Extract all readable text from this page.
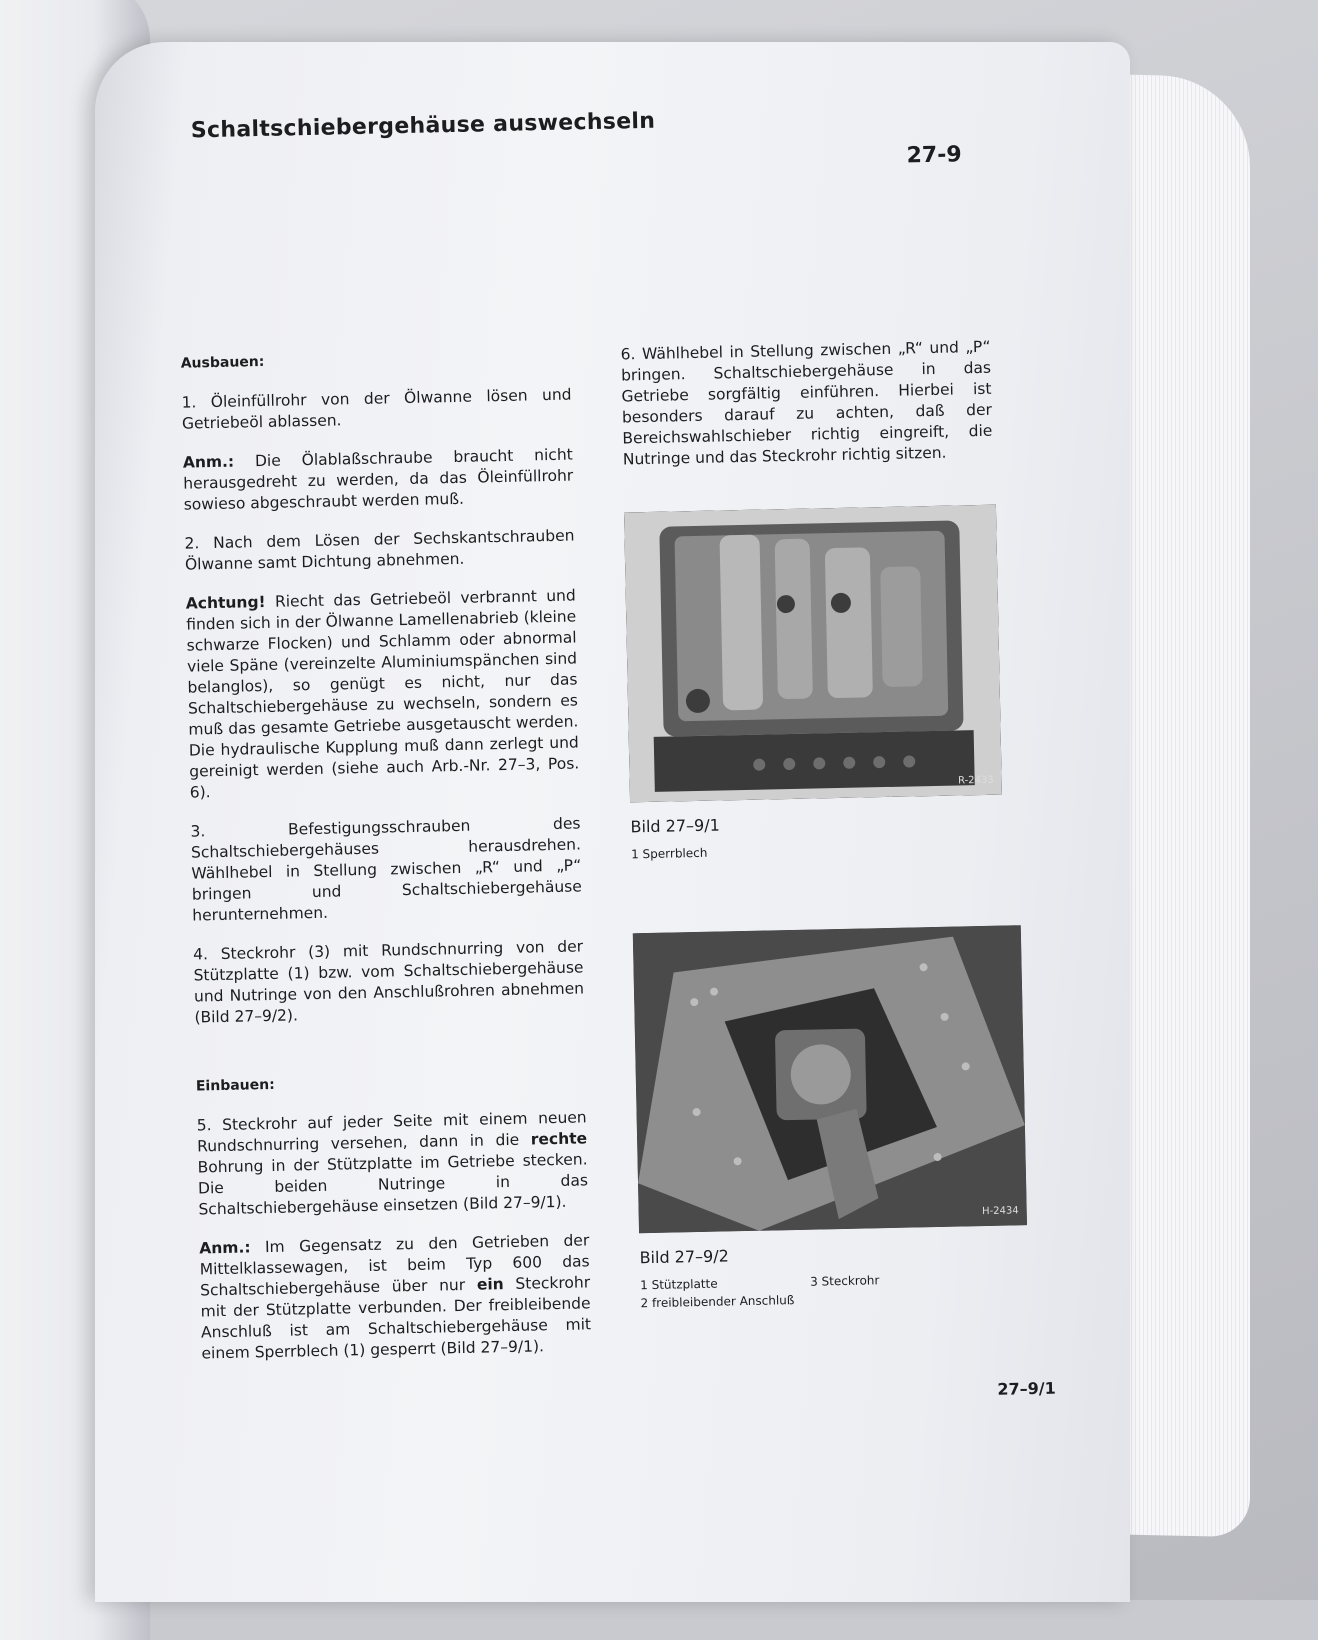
Schaltschiebergehäuse auswechseln
27-9
Ausbauen:

1. Öleinfüllrohr von der Ölwanne lösen und Getriebeöl ablassen.

Anm.: Die Ölablaßschraube braucht nicht herausgedreht zu werden, da das Öleinfüllrohr sowieso abgeschraubt werden muß.

2. Nach dem Lösen der Sechskantschrauben Ölwanne samt Dichtung abnehmen.

Achtung! Riecht das Getriebeöl verbrannt und finden sich in der Ölwanne Lamellenabrieb (kleine schwarze Flocken) und Schlamm oder abnormal viele Späne (vereinzelte Aluminiumspänchen sind belanglos), so genügt es nicht, nur das Schaltschiebergehäuse zu wechseln, sondern es muß das gesamte Getriebe ausgetauscht werden. Die hydraulische Kupplung muß dann zerlegt und gereinigt werden (siehe auch Arb.-Nr. 27–3, Pos. 6).

3. Befestigungsschrauben des Schaltschiebergehäuses herausdrehen. Wählhebel in Stellung zwischen „R“ und „P“ bringen und Schaltschiebergehäuse herunternehmen.

4. Steckrohr (3) mit Rundschnurring von der Stützplatte (1) bzw. vom Schaltschiebergehäuse und Nutringe von den Anschlußrohren abnehmen (Bild 27–9/2).

Einbauen:

5. Steckrohr auf jeder Seite mit einem neuen Rundschnurring versehen, dann in die rechte Bohrung in der Stützplatte im Getriebe stecken. Die beiden Nutringe in das Schaltschiebergehäuse einsetzen (Bild 27–9/1).

Anm.: Im Gegensatz zu den Getrieben der Mittelklassewagen, ist beim Typ 600 das Schaltschiebergehäuse über nur ein Steckrohr mit der Stützplatte verbunden. Der freibleibende Anschluß ist am Schaltschiebergehäuse mit einem Sperrblech (1) gesperrt (Bild 27–9/1).

6. Wählhebel in Stellung zwischen „R“ und „P“ bringen. Schaltschiebergehäuse in das Getriebe sorgfältig einführen. Hierbei ist besonders darauf zu achten, daß der Bereichswahlschieber richtig eingreift, die Nutringe und das Steckrohr richtig sitzen.

R-2433
Bild 27–9/1
1 Sperrblech
H-2434
Bild 27–9/2
1 Stützplatte	3 Steckrohr
2 freibleibender Anschluß
27–9/1
